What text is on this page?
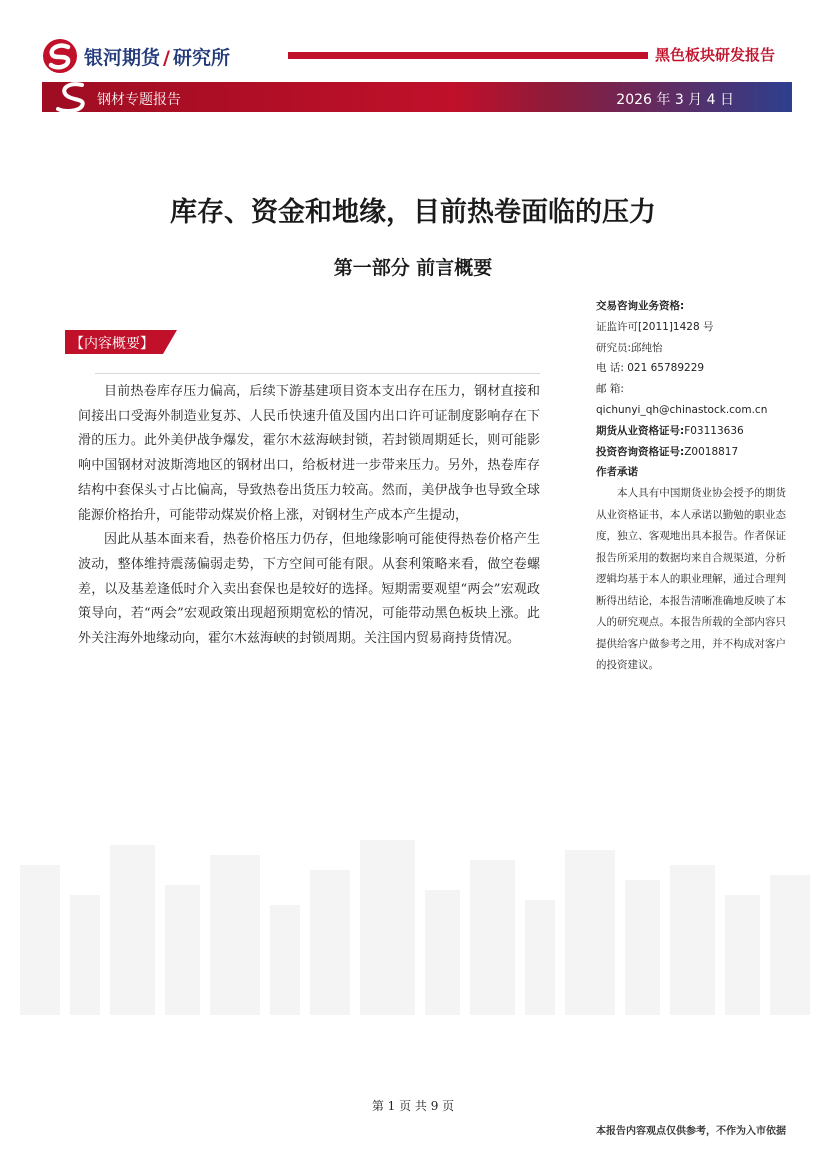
银河期货 / 研究所	黑色板块研发报告
钢材专题报告	2026 年 3 月 4 日
库存、资金和地缘，目前热卷面临的压力
第一部分 前言概要
【内容概要】

目前热卷库存压力偏高，后续下游基建项目资本支出存在压力，钢材直接和间接出口受海外制造业复苏、人民币快速升值及国内出口许可证制度影响存在下滑的压力。此外美伊战争爆发，霍尔木兹海峡封锁，若封锁周期延长，则可能影响中国钢材对波斯湾地区的钢材出口，给板材进一步带来压力。另外，热卷库存结构中套保头寸占比偏高，导致热卷出货压力较高。然而，美伊战争也导致全球能源价格抬升，可能带动煤炭价格上涨，对钢材生产成本产生提动，

因此从基本面来看，热卷价格压力仍存，但地缘影响可能使得热卷价格产生波动，整体维持震荡偏弱走势，下方空间可能有限。从套利策略来看，做空卷螺差，以及基差逢低时介入卖出套保也是较好的选择。短期需要观望“两会”宏观政策导向，若“两会”宏观政策出现超预期宽松的情况，可能带动黑色板块上涨。此外关注海外地缘动向，霍尔木兹海峡的封锁周期。关注国内贸易商持货情况。

交易咨询业务资格:
证监许可[2011]1428 号
研究员:邱纯怡
电 话: 021 65789229
邮 箱:
qichunyi_qh@chinastock.com.cn
期货从业资格证号:F03113636
投资咨询资格证号:Z0018817
作者承诺

本人具有中国期货业协会授予的期货从业资格证书，本人承诺以勤勉的职业态度，独立、客观地出具本报告。作者保证报告所采用的数据均来自合规渠道，分析逻辑均基于本人的职业理解，通过合理判断得出结论，本报告清晰准确地反映了本人的研究观点。本报告所载的全部内容只提供给客户做参考之用，并不构成对客户的投资建议。

第 1 页 共 9 页
本报告内容观点仅供参考，不作为入市依据
